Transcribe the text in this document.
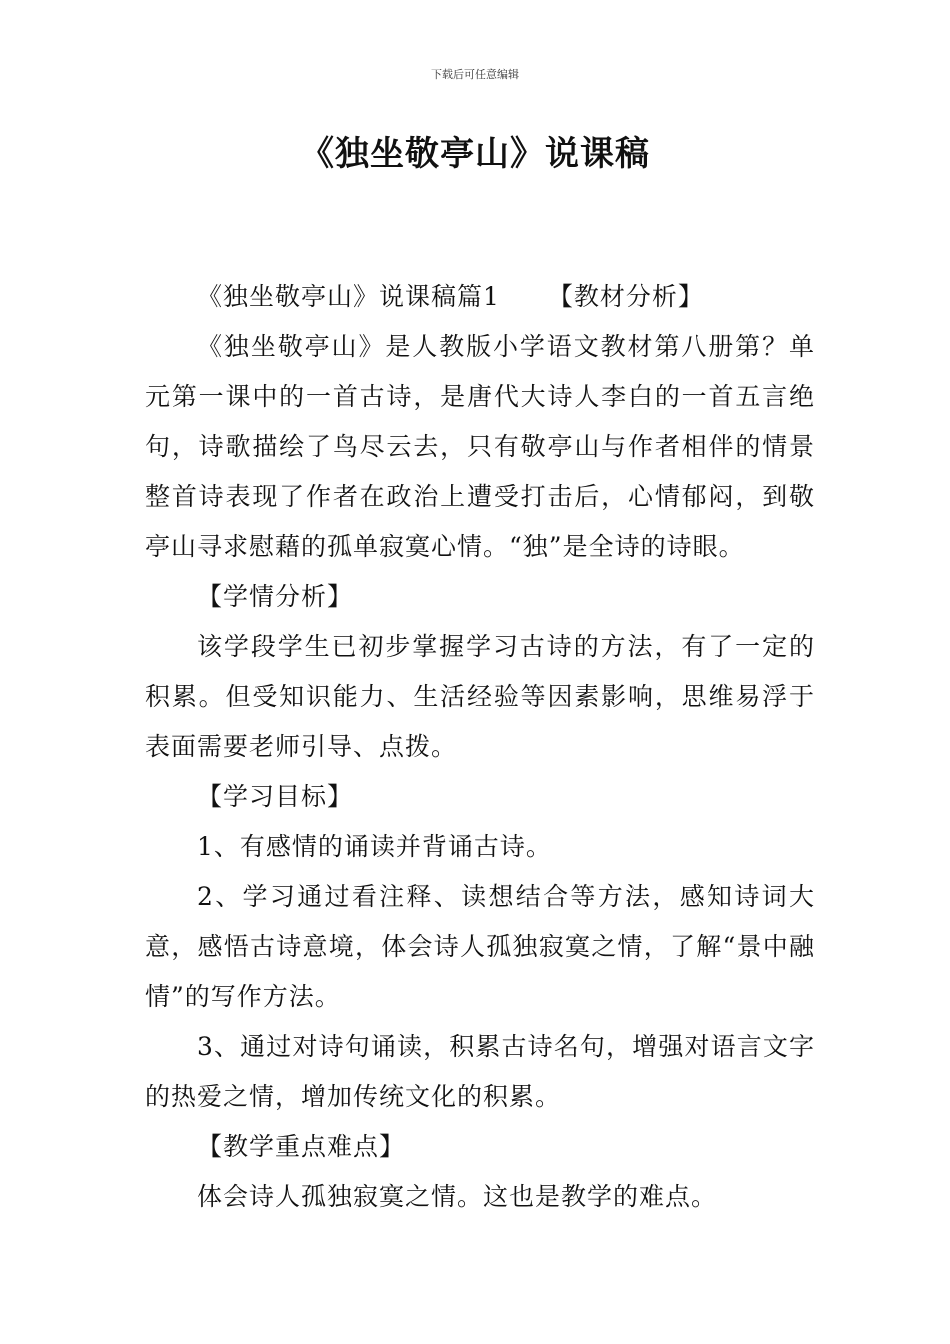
下载后可任意编辑
《独坐敬亭山》说课稿

《独坐敬亭山》说课稿篇1 【教材分析】

《独坐敬亭山》是人教版小学语文教材第八册第？单元第一课中的一首古诗，是唐代大诗人李白的一首五言绝句，诗歌描绘了鸟尽云去，只有敬亭山与作者相伴的情景整首诗表现了作者在政治上遭受打击后，心情郁闷，到敬亭山寻求慰藉的孤单寂寞心情。“独”是全诗的诗眼。

【学情分析】

该学段学生已初步掌握学习古诗的方法，有了一定的积累。但受知识能力、生活经验等因素影响，思维易浮于表面需要老师引导、点拨。

【学习目标】

1、有感情的诵读并背诵古诗。

2、学习通过看注释、读想结合等方法，感知诗词大意，感悟古诗意境，体会诗人孤独寂寞之情，了解“景中融情”的写作方法。

3、通过对诗句诵读，积累古诗名句，增强对语言文字的热爱之情，增加传统文化的积累。

【教学重点难点】

体会诗人孤独寂寞之情。这也是教学的难点。
